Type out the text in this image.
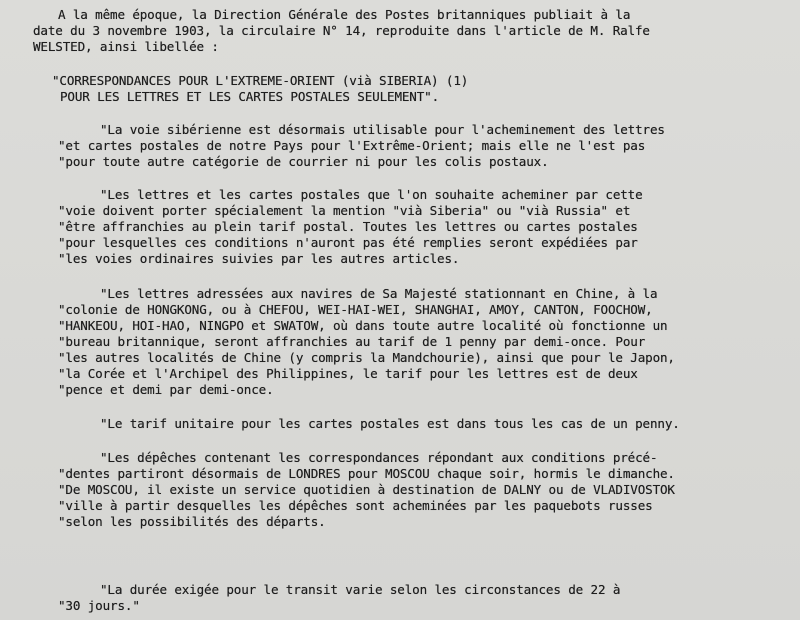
A la même époque, la Direction Générale des Postes britanniques publiait à la
date du 3 novembre 1903, la circulaire N° 14, reproduite dans l'article de M. Ralfe
WELSTED, ainsi libellée :
"CORRESPONDANCES POUR L'EXTREME-ORIENT (vià SIBERIA) (1)
POUR LES LETTRES ET LES CARTES POSTALES SEULEMENT".
"La voie sibérienne est désormais utilisable pour l'acheminement des lettres
"et cartes postales de notre Pays pour l'Extrême-Orient; mais elle ne l'est pas
"pour toute autre catégorie de courrier ni pour les colis postaux.
"Les lettres et les cartes postales que l'on souhaite acheminer par cette
"voie doivent porter spécialement la mention "vià Siberia" ou "vià Russia" et
"être affranchies au plein tarif postal. Toutes les lettres ou cartes postales
"pour lesquelles ces conditions n'auront pas été remplies seront expédiées par
"les voies ordinaires suivies par les autres articles.
"Les lettres adressées aux navires de Sa Majesté stationnant en Chine, à la
"colonie de HONGKONG, ou à CHEFOU, WEI-HAI-WEI, SHANGHAI, AMOY, CANTON, FOOCHOW,
"HANKEOU, HOI-HAO, NINGPO et SWATOW, où dans toute autre localité où fonctionne un
"bureau britannique, seront affranchies au tarif de 1 penny par demi-once. Pour
"les autres localités de Chine (y compris la Mandchourie), ainsi que pour le Japon,
"la Corée et l'Archipel des Philippines, le tarif pour les lettres est de deux
"pence et demi par demi-once.
"Le tarif unitaire pour les cartes postales est dans tous les cas de un penny.
"Les dépêches contenant les correspondances répondant aux conditions précé-
"dentes partiront désormais de LONDRES pour MOSCOU chaque soir, hormis le dimanche.
"De MOSCOU, il existe un service quotidien à destination de DALNY ou de VLADIVOSTOK
"ville à partir desquelles les dépêches sont acheminées par les paquebots russes
"selon les possibilités des départs.
"La durée exigée pour le transit varie selon les circonstances de 22 à
"30 jours."
